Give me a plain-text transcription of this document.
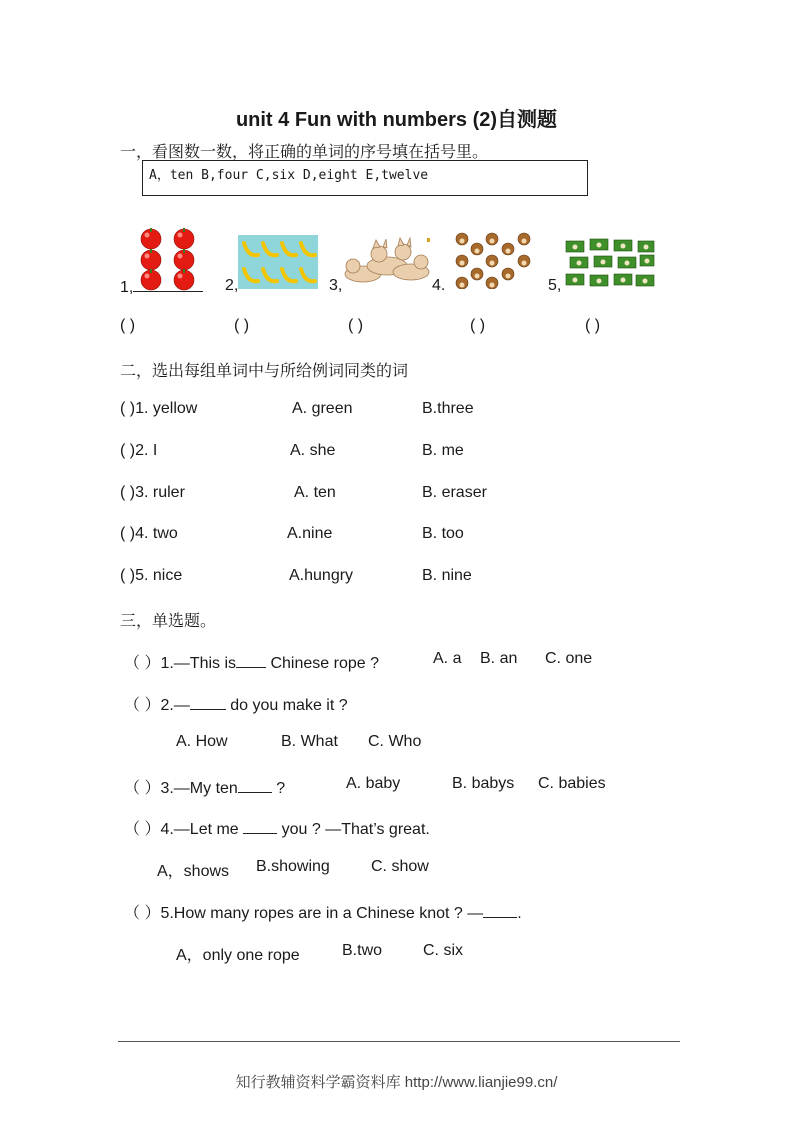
unit 4 Fun with numbers (2)自测题
一，看图数一数，将正确的单词的序号填在括号里。
A，ten B,four C,six D,eight E,twelve
1,	2,	3,	4.	5,
( )	( )	( )	( )	( )
二，选出每组单词中与所给例词同类的词
( )1. yellow	A. green	B.three
( )2. I	A. she	B. me
( )3. ruler	A. ten	B. eraser
( )4. two	A.nine	B. too
( )5. nice	A.hungry	B. nine
三，单选题。
（ ）1.—This is Chinese rope ?	A. a B. an C. one
（ ）2.— do you make it ?
A. How	B. What C. Who
（ ）3.—My ten ?	A. baby	B. babys C. babies
（ ）4.—Let me  you ? —That’s great.
A，shows B.showing	C. show
（ ）5.How many ropes are in a Chinese knot ? — .
A，only one rope	B.two	C. six
知行教辅资料学霸资料库 http://www.lianjie99.cn/
